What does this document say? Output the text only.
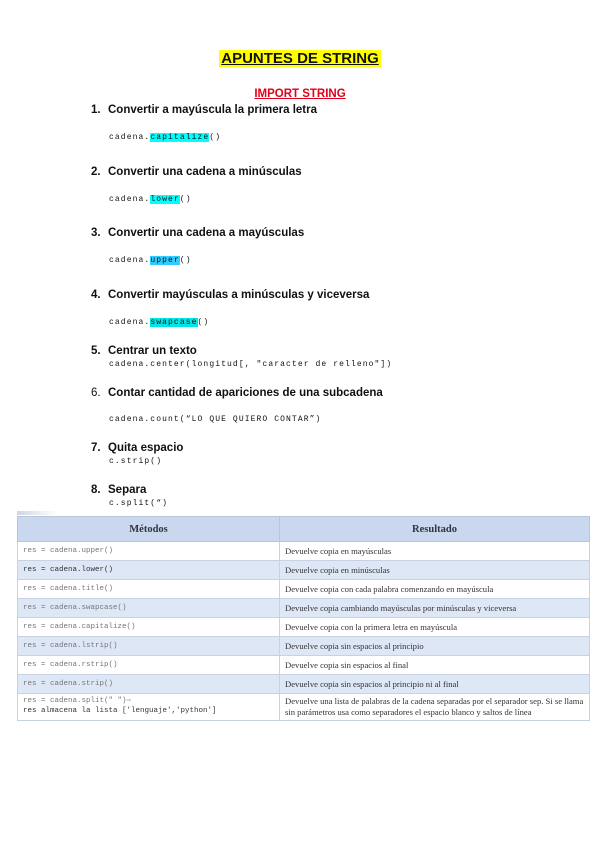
APUNTES DE STRING
IMPORT STRING
1. Convertir a mayúscula la primera letra
cadena.capitalize()
2. Convertir una cadena a minúsculas
cadena.lower()
3. Convertir una cadena a mayúsculas
cadena.upper()
4. Convertir mayúsculas a minúsculas y viceversa
cadena.swapcase()
5. Centrar un texto
cadena.center(longitud[, "caracter de relleno"])
6. Contar cantidad de apariciones de una subcadena
cadena.count(“LO QUE QUIERO CONTAR”)
7. Quita espacio
c.strip()
8. Separa
c.split(“)
Métodos	Resultado
res = cadena.upper()	Devuelve copia en mayúsculas
res = cadena.lower()	Devuelve copia en minúsculas
res = cadena.title()	Devuelve copia con cada palabra comenzando en mayúscula
res = cadena.swapcase()	Devuelve copia cambiando mayúsculas por minúsculas y viceversa
res = cadena.capitalize()	Devuelve copia con la primera letra en mayúscula
res = cadena.lstrip()	Devuelve copia sin espacios al principio
res = cadena.rstrip()	Devuelve copia sin espacios al final
res = cadena.strip()	Devuelve copia sin espacios al principio ni al final
res = cadena.split(" ")⇨
res almacena la lista ['lenguaje','python']	Devuelve una lista de palabras de la cadena separadas por el separador sep. Si se llama sin parámetros usa como separadores el espacio blanco y saltos de línea
